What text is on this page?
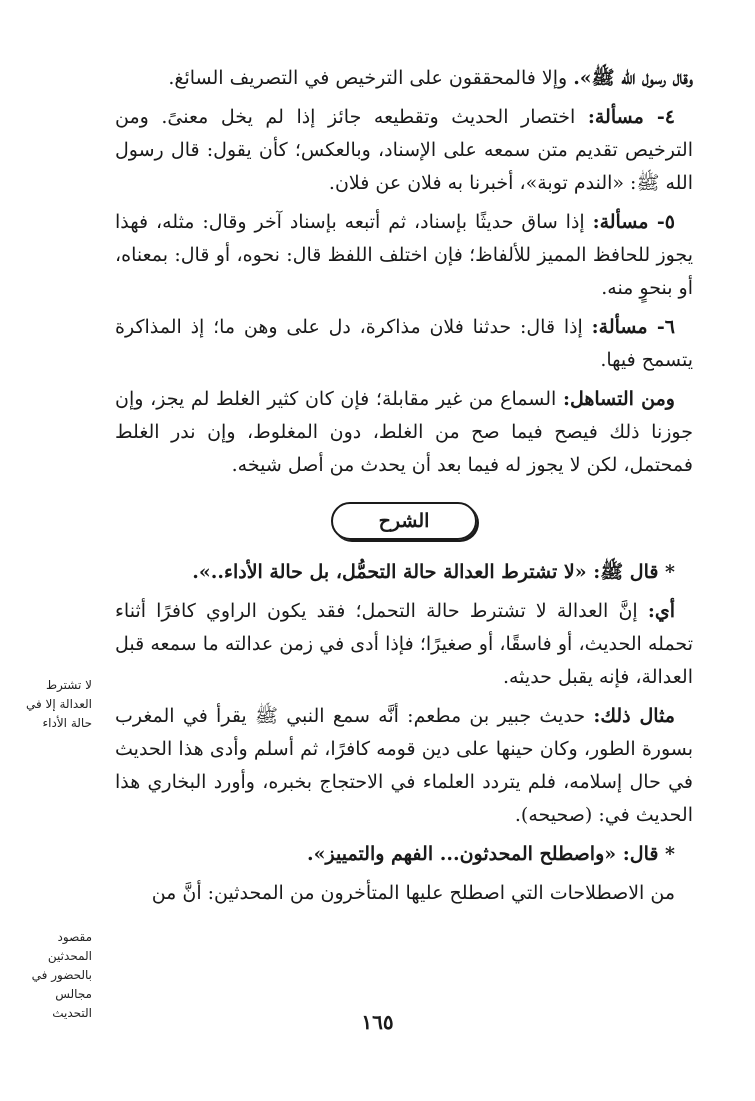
وقال رسول الله ﷺ». وإلا فالمحققون على الترخيص في التصريف السائغ.

٤- مسألة: اختصار الحديث وتقطيعه جائز إذا لم يخل معنىً. ومن الترخيص تقديم متن سمعه على الإسناد، وبالعكس؛ كأن يقول: قال رسول الله ﷺ: «الندم توبة»، أخبرنا به فلان عن فلان.

٥- مسألة: إذا ساق حديثًا بإسناد، ثم أتبعه بإسناد آخر وقال: مثله، فهذا يجوز للحافظ المميز للألفاظ؛ فإن اختلف اللفظ قال: نحوه، أو قال: بمعناه، أو بنحوٍ منه.

٦- مسألة: إذا قال: حدثنا فلان مذاكرة، دل على وهن ما؛ إذ المذاكرة يتسمح فيها.

ومن التساهل: السماع من غير مقابلة؛ فإن كان كثير الغلط لم يجز، وإن جوزنا ذلك فيصح فيما صح من الغلط، دون المغلوط، وإن ندر الغلط فمحتمل، لكن لا يجوز له فيما بعد أن يحدث من أصل شيخه.

الشرح

* قال ﷺ: «لا تشترط العدالة حالة التحمُّل، بل حالة الأداء..».

أي: إنَّ العدالة لا تشترط حالة التحمل؛ فقد يكون الراوي كافرًا أثناء تحمله الحديث، أو فاسقًا، أو صغيرًا؛ فإذا أدى في زمن عدالته ما سمعه قبل العدالة، فإنه يقبل حديثه.

مثال ذلك: حديث جبير بن مطعم: أنَّه سمع النبي ﷺ يقرأ في المغرب بسورة الطور، وكان حينها على دين قومه كافرًا، ثم أسلم وأدى هذا الحديث في حال إسلامه، فلم يتردد العلماء في الاحتجاج بخبره، وأورد البخاري هذا الحديث في: (صحيحه).

* قال: «واصطلح المحدثون... الفهم والتمييز».

من الاصطلاحات التي اصطلح عليها المتأخرون من المحدثين: أنَّ من

لا تشترط العدالة إلا في حالة الأداء
مقصود المحدثين بالحضور في مجالس التحديث	١٦٥
